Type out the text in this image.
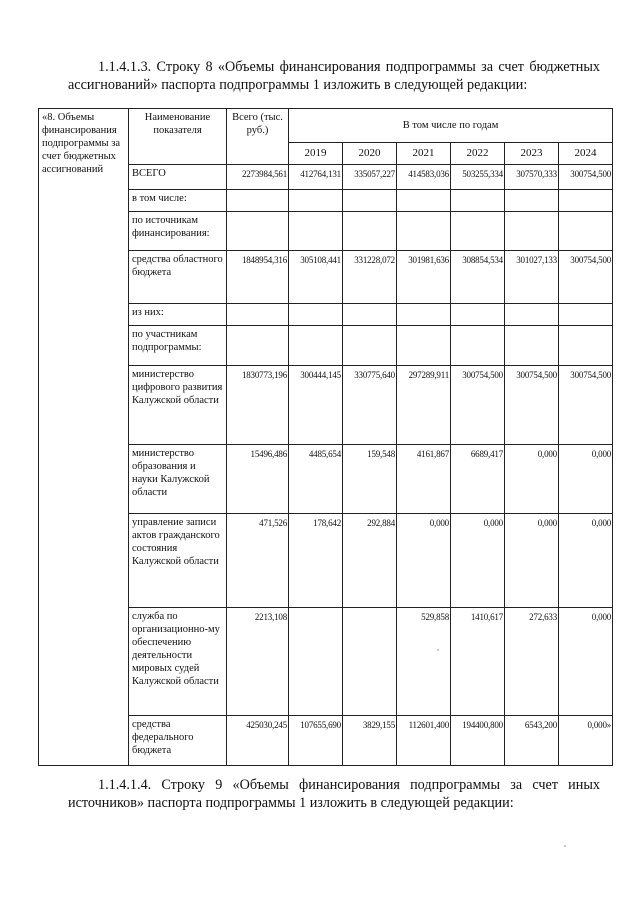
1.1.4.1.3. Строку 8 «Объемы финансирования подпрограммы за счет бюджетных ассигнований» паспорта подпрограммы 1 изложить в следующей редакции:
«8. Объемы финансирования подпрограммы за счет бюджетных ассигнований	Наименование показателя	Всего (тыс. руб.)	В том числе по годам					
			2019	2020	2021	2022	2023	2024
	ВСЕГО	2273984,561	412764,131	335057,227	414583,036	503255,334	307570,333	300754,500
	в том числе:							
	по источникам финансирования:							
	средства областного бюджета	1848954,316	305108,441	331228,072	301981,636	308854,534	301027,133	300754,500
	из них:							
	по участникам подпрограммы:							
	министерство цифрового развития Калужской области	1830773,196	300444,145	330775,640	297289,911	300754,500	300754,500	300754,500
	министерство образования и науки Калужской области	15496,486	4485,654	159,548	4161,867	6689,417	0,000	0,000
	управление записи актов гражданского состояния Калужской области	471,526	178,642	292,884	0,000	0,000	0,000	0,000
	служба по организационно-му обеспечению деятельности мировых судей Калужской области	2213,108			529,858	1410,617	272,633	0,000
	средства федерального бюджета	425030,245	107655,690	3829,155	112601,400	194400,800	6543,200	0,000»
1.1.4.1.4. Строку 9 «Объемы финансирования подпрограммы за счет иных источников» паспорта подпрограммы 1 изложить в следующей редакции:
